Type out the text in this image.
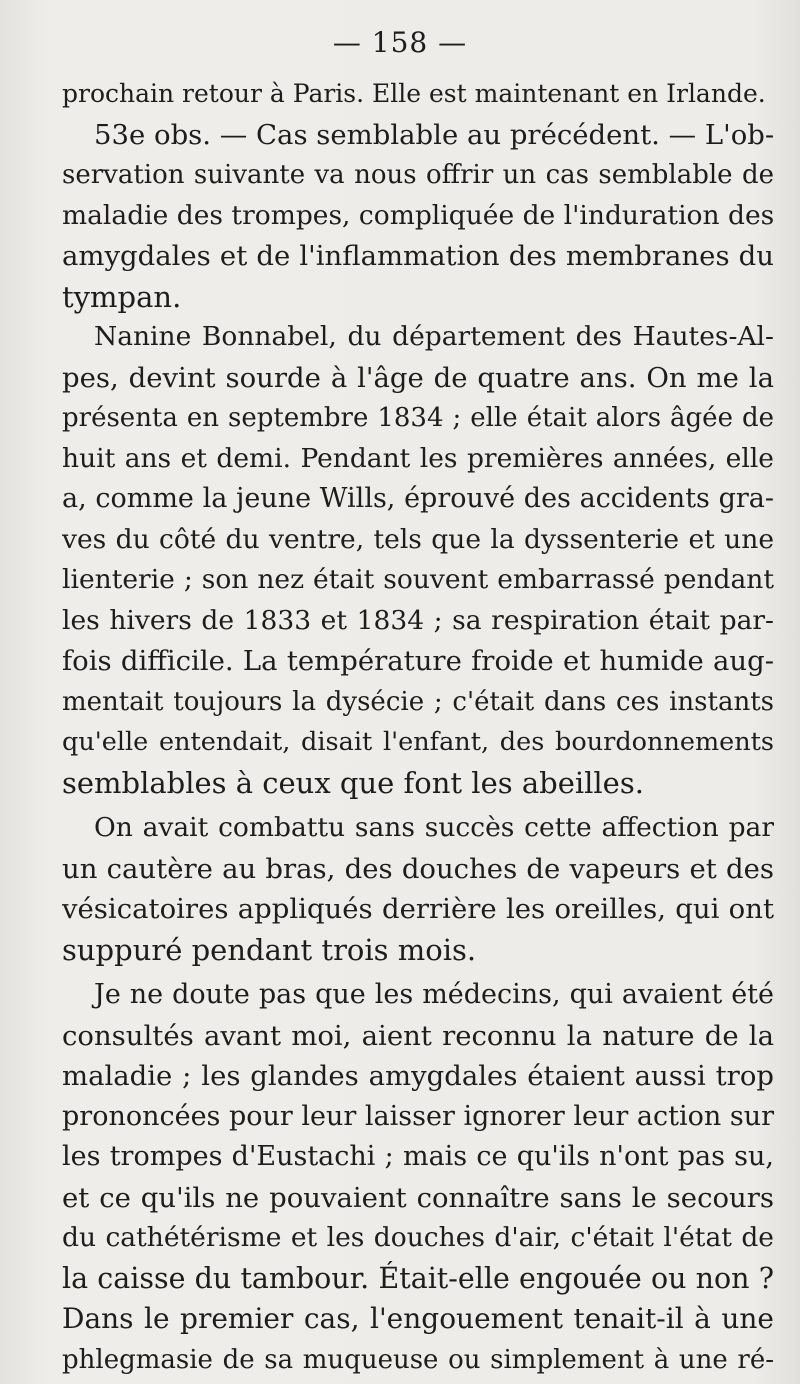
— 158 —
prochain retour à Paris. Elle est maintenant en Irlande.
53e obs. — Cas semblable au précédent. — L'ob-
servation suivante va nous offrir un cas semblable de
maladie des trompes, compliquée de l'induration des
amygdales et de l'inflammation des membranes du
tympan.
Nanine Bonnabel, du département des Hautes-Al-
pes, devint sourde à l'âge de quatre ans. On me la
présenta en septembre 1834 ; elle était alors âgée de
huit ans et demi. Pendant les premières années, elle
a, comme la jeune Wills, éprouvé des accidents gra-
ves du côté du ventre, tels que la dyssenterie et une
lienterie ; son nez était souvent embarrassé pendant
les hivers de 1833 et 1834 ; sa respiration était par-
fois difficile. La température froide et humide aug-
mentait toujours la dysécie ; c'était dans ces instants
qu'elle entendait, disait l'enfant, des bourdonnements
semblables à ceux que font les abeilles.
On avait combattu sans succès cette affection par
un cautère au bras, des douches de vapeurs et des
vésicatoires appliqués derrière les oreilles, qui ont
suppuré pendant trois mois.
Je ne doute pas que les médecins, qui avaient été
consultés avant moi, aient reconnu la nature de la
maladie ; les glandes amygdales étaient aussi trop
prononcées pour leur laisser ignorer leur action sur
les trompes d'Eustachi ; mais ce qu'ils n'ont pas su,
et ce qu'ils ne pouvaient connaître sans le secours
du cathétérisme et les douches d'air, c'était l'état de
la caisse du tambour. Était-elle engouée ou non ?
Dans le premier cas, l'engouement tenait-il à une
phlegmasie de sa muqueuse ou simplement à une ré-
